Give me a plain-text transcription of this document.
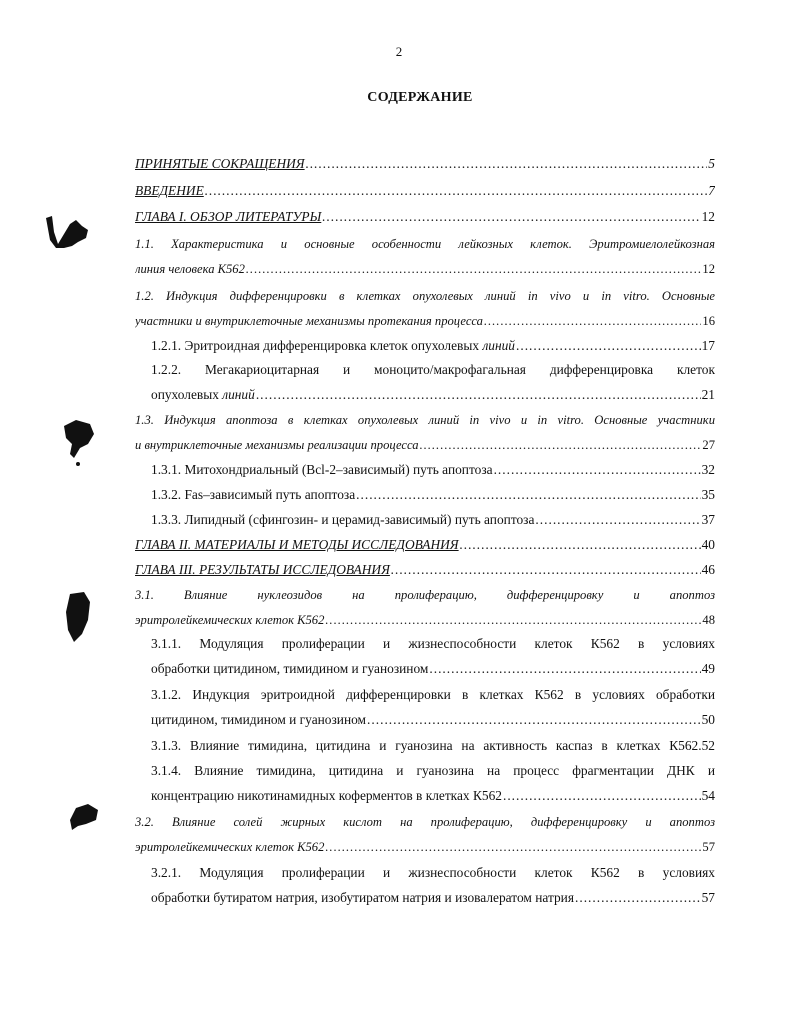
2
СОДЕРЖАНИЕ
ПРИНЯТЫЕ СОКРАЩЕНИЯ .....	5
ВВЕДЕНИЕ .....	7
ГЛАВА I. ОБЗОР ЛИТЕРАТУРЫ .....	12
1.1. Характеристика и основные особенности лейкозных клеток. Эритромиелолейкозная
линия человека К562 .....	12
1.2. Индукция дифференцировки в клетках опухолевых линий in vivo и in vitro. Основные
участники и внутриклеточные механизмы протекания процесса .....	16
1.2.1. Эритроидная дифференцировка клеток опухолевых линий .....	17
1.2.2. Мегакариоцитарная и моноцито/макрофагальная дифференцировка клеток
опухолевых линий .....	21
1.3. Индукция апоптоза в клетках опухолевых линий in vivo и in vitro. Основные участники
и внутриклеточные механизмы реализации процесса .....	27
1.3.1. Митохондриальный (Bcl-2–зависимый) путь апоптоза .....	32
1.3.2. Fas–зависимый путь апоптоза .....	35
1.3.3. Липидный (сфингозин- и церамид-зависимый) путь апоптоза .....	37
ГЛАВА II. МАТЕРИАЛЫ И МЕТОДЫ ИССЛЕДОВАНИЯ .....	40
ГЛАВА III. РЕЗУЛЬТАТЫ ИССЛЕДОВАНИЯ .....	46
3.1. Влияние нуклеозидов на пролиферацию, дифференцировку и апоптоз
эритролейкемических клеток К562 .....	48
3.1.1. Модуляция пролиферации и жизнеспособности клеток К562 в условиях
обработки цитидином, тимидином и гуанозином .....	49
3.1.2. Индукция эритроидной дифференцировки в клетках К562 в условиях обработки
цитидином, тимидином и гуанозином .....	50
3.1.3. Влияние тимидина, цитидина и гуанозина на активность каспаз в клетках К562.52
3.1.4. Влияние тимидина, цитидина и гуанозина на процесс фрагментации ДНК и
концентрацию никотинамидных коферментов в клетках К562 .....	54
3.2. Влияние солей жирных кислот на пролиферацию, дифференцировку и апоптоз
эритролейкемических клеток К562 .....	57
3.2.1. Модуляция пролиферации и жизнеспособности клеток К562 в условиях
обработки бутиратом натрия, изобутиратом натрия и изовалератом натрия .....	57
